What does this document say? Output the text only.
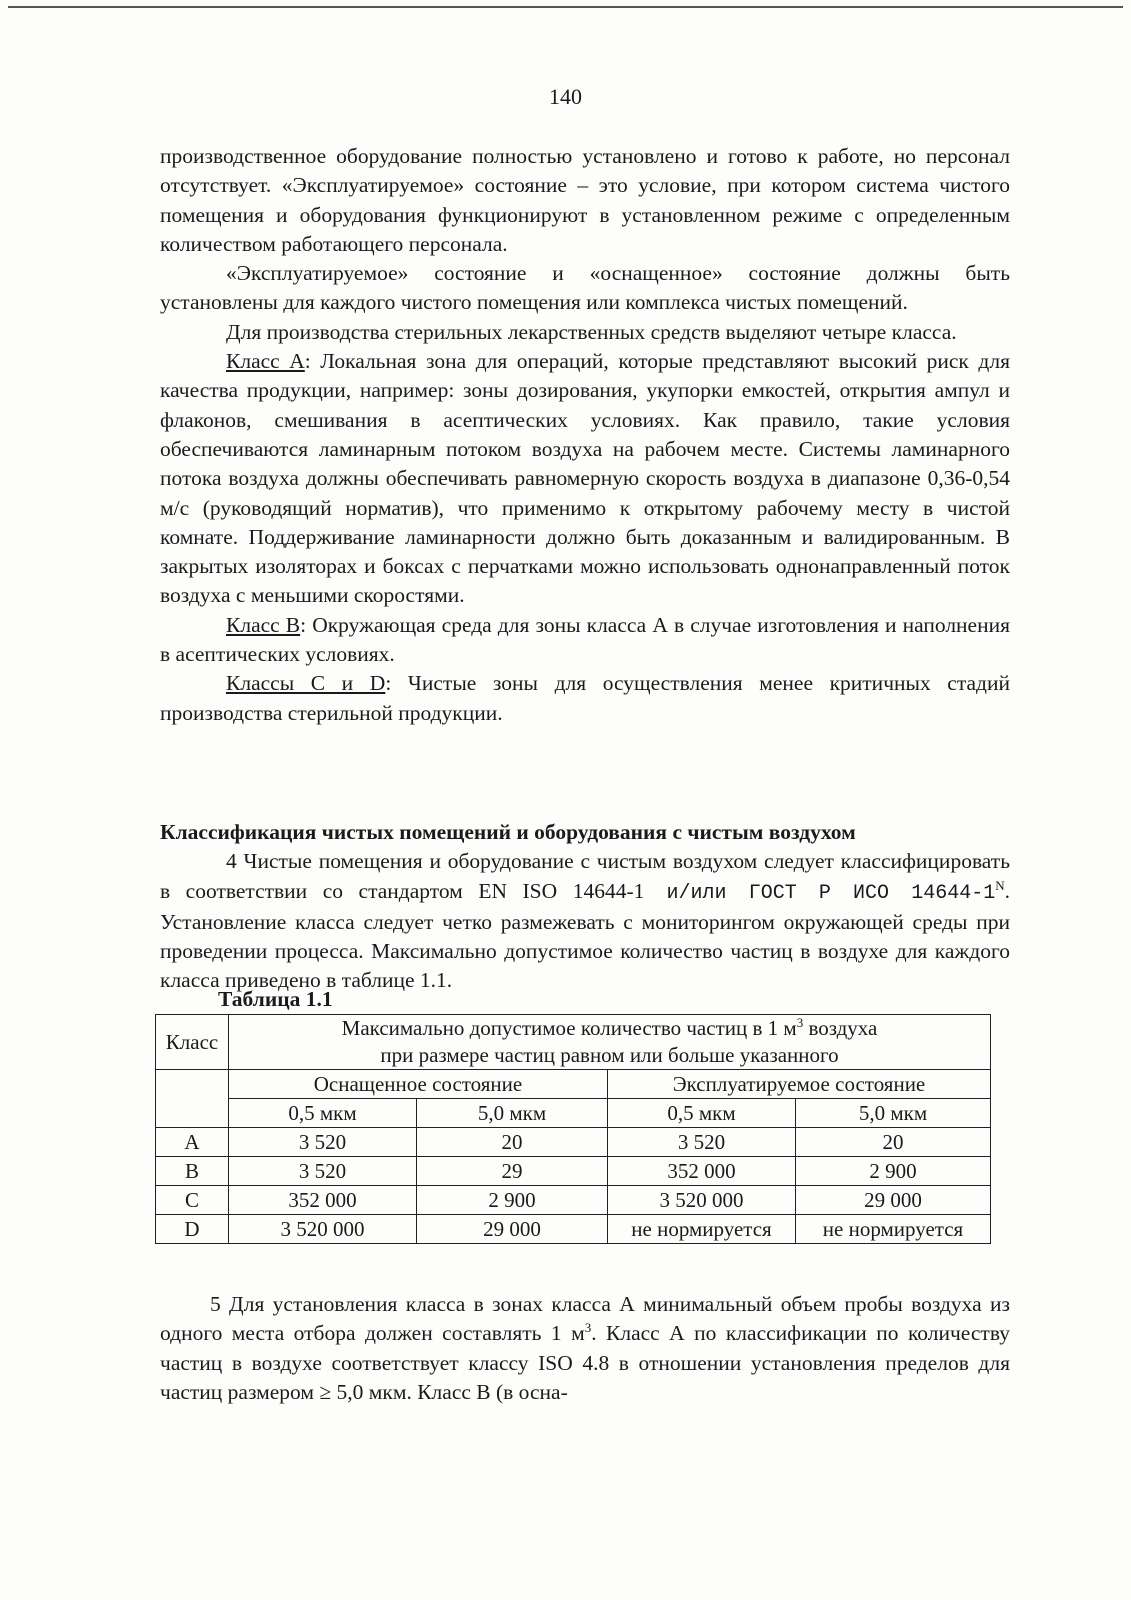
140

производственное оборудование полностью установлено и готово к работе, но персонал отсутствует. «Эксплуатируемое» состояние – это условие, при котором система чистого помещения и оборудования функционируют в установленном режиме с определенным количеством работающего персонала.

«Эксплуатируемое» состояние и «оснащенное» состояние должны быть установлены для каждого чистого помещения или комплекса чистых помещений.

Для производства стерильных лекарственных средств выделяют четыре класса.

Класс А: Локальная зона для операций, которые представляют высокий риск для качества продукции, например: зоны дозирования, укупорки емкостей, открытия ампул и флаконов, смешивания в асептических условиях. Как правило, такие условия обеспечиваются ламинарным потоком воздуха на рабочем месте. Системы ламинарного потока воздуха должны обеспечивать равномерную скорость воздуха в диапазоне 0,36-0,54 м/с (руководящий норматив), что применимо к открытому рабочему месту в чистой комнате. Поддерживание ламинарности должно быть доказанным и валидированным. В закрытых изоляторах и боксах с перчатками можно использовать однонаправленный поток воздуха с меньшими скоростями.

Класс В: Окружающая среда для зоны класса А в случае изготовления и наполнения в асептических условиях.

Классы С и D: Чистые зоны для осуществления менее критичных стадий производства стерильной продукции.

Классификация чистых помещений и оборудования с чистым воздухом

4 Чистые помещения и оборудование с чистым воздухом следует классифицировать в соответствии со стандартом EN ISO 14644-1 и/или ГОСТ Р ИСО $14644-1^N$. Установление класса следует четко размежевать с мониторингом окружающей среды при проведении процесса. Максимально допустимое количество частиц в воздухе для каждого класса приведено в таблице 1.1.

Таблица 1.1
Класс	Максимально допустимое количество частиц в 1 $м^3$ воздуха
при размере частиц равном или больше указанного			

	Оснащенное состояние		Эксплуатируемое состояние	
	0,5 мкм	5,0 мкм	0,5 мкм	5,0 мкм
A	3 520	20	3 520	20
B	3 520	29	352 000	2 900
C	352 000	2 900	3 520 000	29 000
D	3 520 000	29 000	не нормируется	не нормируется

5 Для установления класса в зонах класса А минимальный объем пробы воздуха из одного места отбора должен составлять 1 $м^3$. Класс А по классификации по количеству частиц в воздухе соответствует классу ISO 4.8 в отношении установления пределов для частиц размером ≥ 5,0 мкм. Класс В (в осна-
